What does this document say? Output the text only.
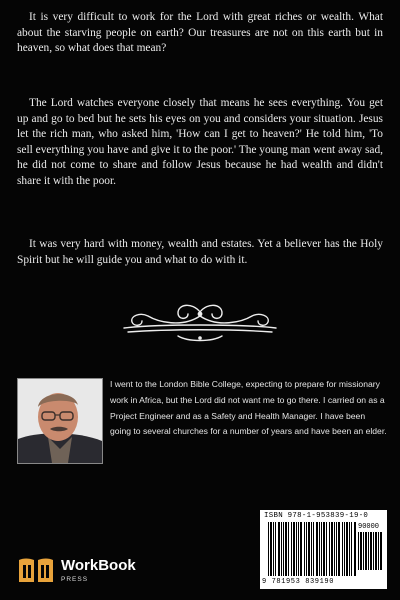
It is very difficult to work for the Lord with great riches or wealth. What about the starving people on earth? Our treasures are not on this earth but in heaven, so what does that mean?

The Lord watches everyone closely that means he sees everything. You get up and go to bed but he sets his eyes on you and considers your situation. Jesus let the rich man, who asked him, 'How can I get to heaven?' He told him, 'To sell everything you have and give it to the poor.' The young man went away sad, he did not come to share and follow Jesus because he had wealth and didn't share it with the poor.

It was very hard with money, wealth and estates. Yet a believer has the Holy Spirit but he will guide you and what to do with it.

I went to the London Bible College, expecting to prepare for missionary work in Africa, but the Lord did not want me to go there. I carried on as a Project Engineer and as a Safety and Health Manager. I have been going to several churches for a number of years and have been an elder.
ISBN 978-1-953839-19-0
90000
9 781953 839190
WorkBook
PRESS
